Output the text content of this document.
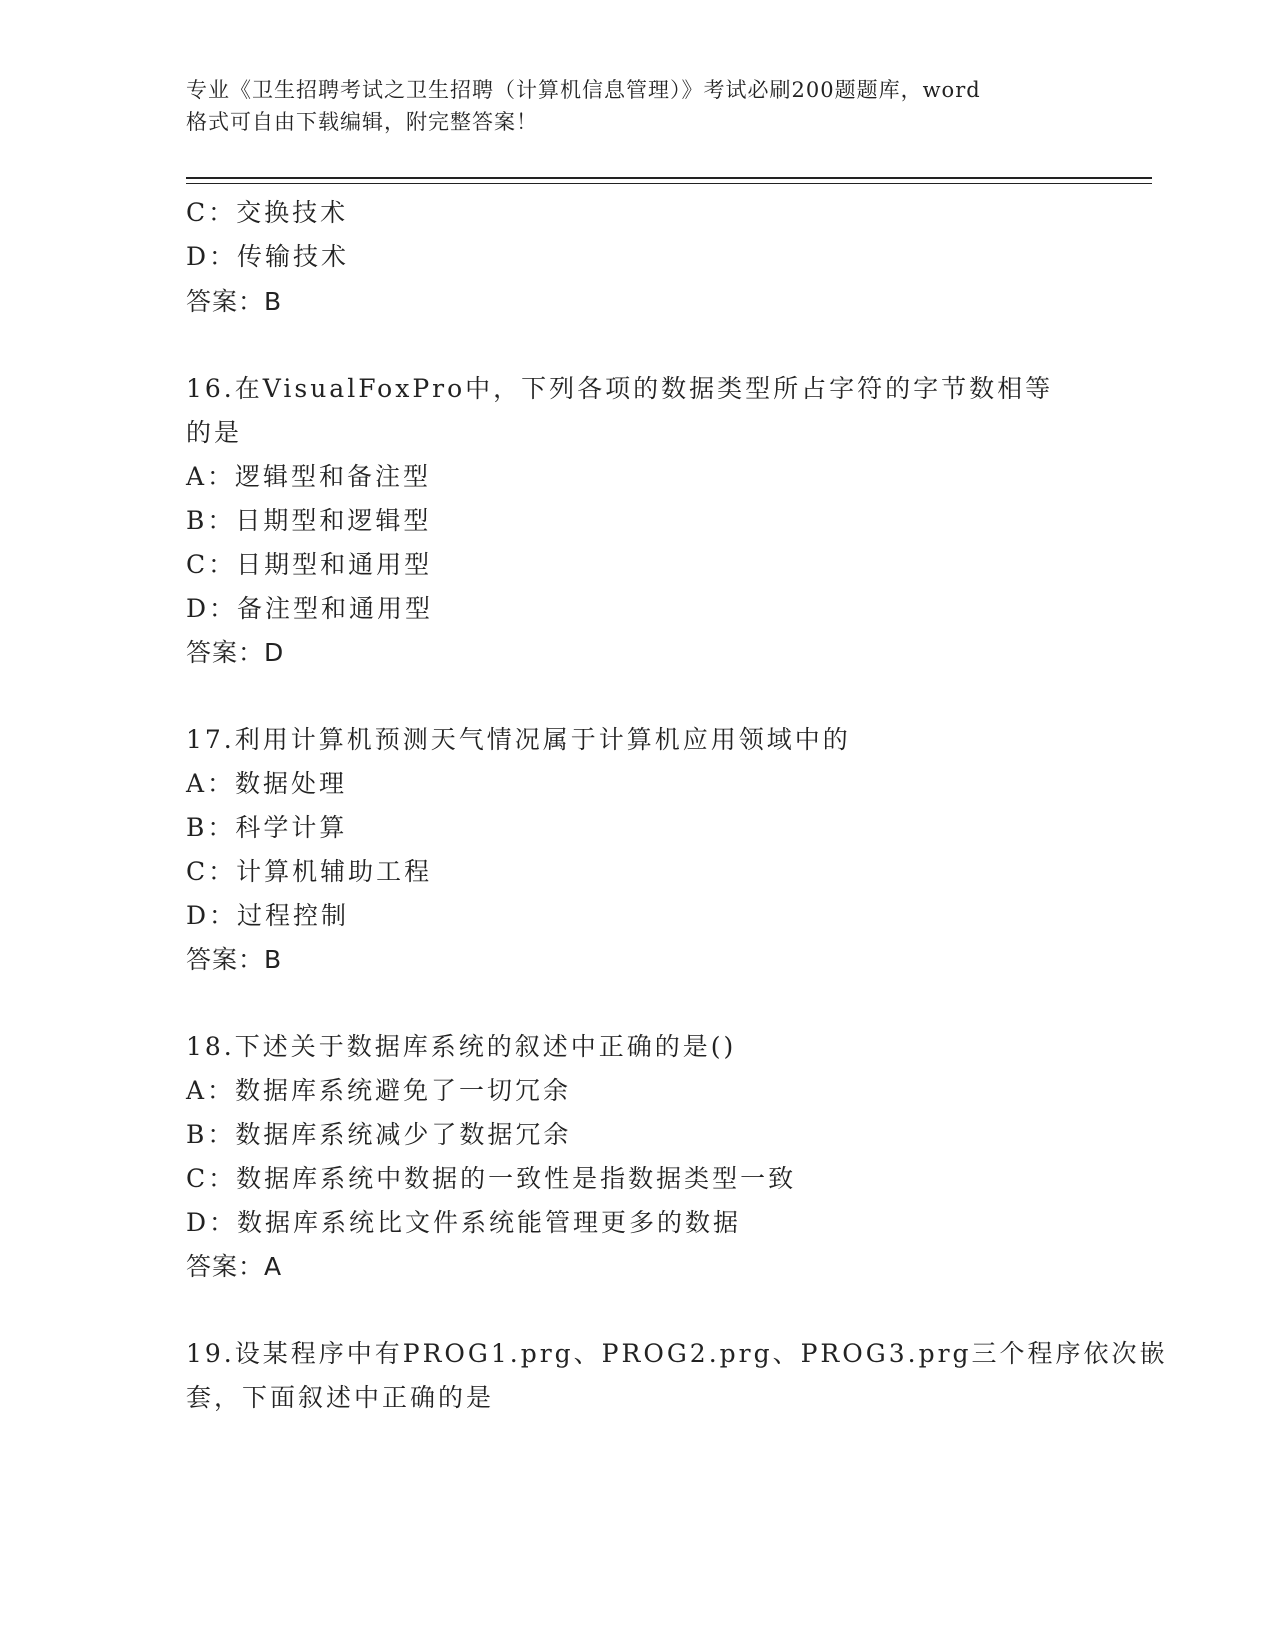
专业《卫生招聘考试之卫生招聘（计算机信息管理）》考试必刷200题题库，word
格式可自由下载编辑，附完整答案！
C：交换技术
D：传输技术
答案：B
16.在VisualFoxPro中，下列各项的数据类型所占字符的字节数相等
的是
A：逻辑型和备注型
B：日期型和逻辑型
C：日期型和通用型
D：备注型和通用型
答案：D
17.利用计算机预测天气情况属于计算机应用领域中的
A：数据处理
B：科学计算
C：计算机辅助工程
D：过程控制
答案：B
18.下述关于数据库系统的叙述中正确的是()
A：数据库系统避免了一切冗余
B：数据库系统减少了数据冗余
C：数据库系统中数据的一致性是指数据类型一致
D：数据库系统比文件系统能管理更多的数据
答案：A
19.设某程序中有PROG1.prg、PROG2.prg、PROG3.prg三个程序依次嵌
套，下面叙述中正确的是
